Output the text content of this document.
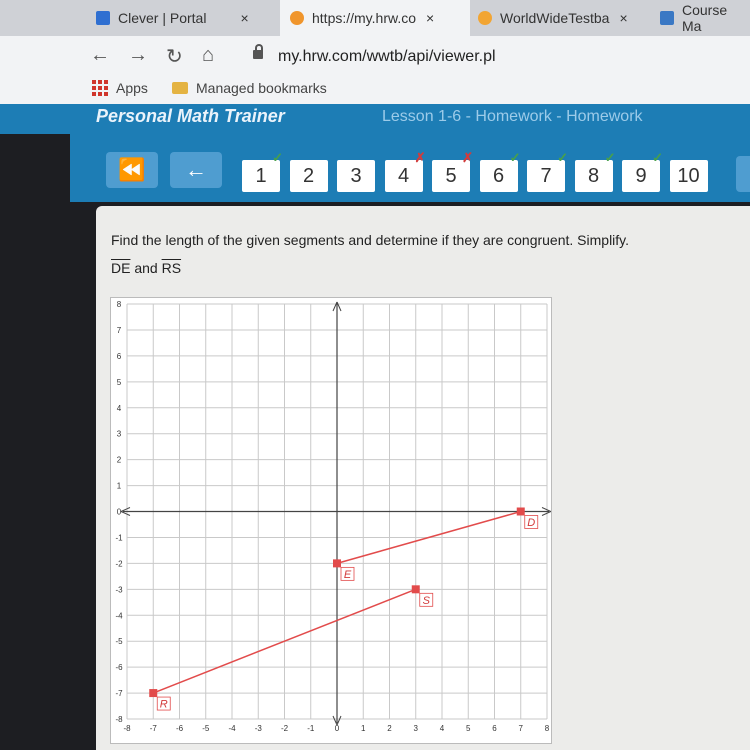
Clever | Portal ×	https://my.hrw.co ×	WorldWideTestba ×	Course Ma
← → ↻ ⌂	my.hrw.com/wwtb/api/viewer.pl
Apps	Managed bookmarks
Personal Math Trainer	Lesson 1-6 - Homework - Homework
⏪ ← 1
✓
2 3 4
✗
5
✗
6
✓
7
✓
8
✓
9
✓
10
Find the length of the given segments and determine if they are congruent. Simplify.
$\overline{DE}$ and $\overline{RS}$
-8 -7 -6 -5 -4 -3 -2 -1	0	1	2	3	4	5	6	7	8
8
7
6
5
4
3
2
1
0
-1
-2
-3
-4
-5
-6
-7
-8
D
E
R
S
